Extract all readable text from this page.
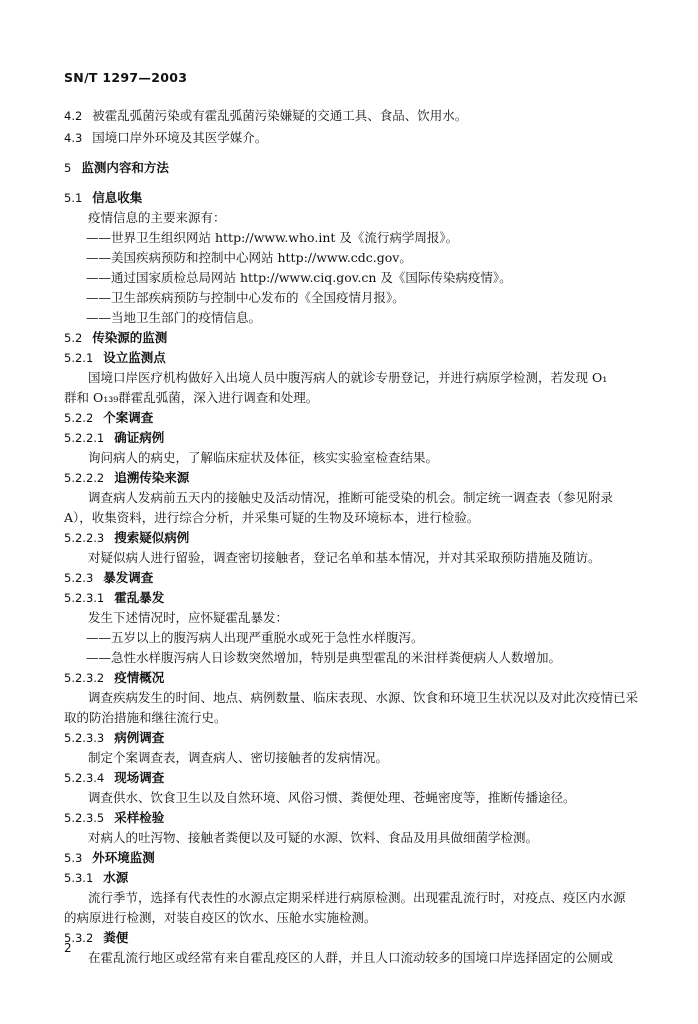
SN/T 1297—2003
4.2 被霍乱弧菌污染或有霍乱弧菌污染嫌疑的交通工具、食品、饮用水。
4.3 国境口岸外环境及其医学媒介。
5 监测内容和方法
5.1 信息收集
疫情信息的主要来源有：
——世界卫生组织网站 http://www.who.int 及《流行病学周报》。
——美国疾病预防和控制中心网站 http://www.cdc.gov。
——通过国家质检总局网站 http://www.ciq.gov.cn 及《国际传染病疫情》。
——卫生部疾病预防与控制中心发布的《全国疫情月报》。
——当地卫生部门的疫情信息。
5.2 传染源的监测
5.2.1 设立监测点
国境口岸医疗机构做好入出境人员中腹泻病人的就诊专册登记，并进行病原学检测，若发现 O₁
群和 O₁₃₉群霍乱弧菌，深入进行调查和处理。
5.2.2 个案调查
5.2.2.1 确证病例
询问病人的病史，了解临床症状及体征，核实实验室检查结果。
5.2.2.2 追溯传染来源
调查病人发病前五天内的接触史及活动情况，推断可能受染的机会。制定统一调查表（参见附录
A），收集资料，进行综合分析，并采集可疑的生物及环境标本，进行检验。
5.2.2.3 搜索疑似病例
对疑似病人进行留验，调查密切接触者，登记名单和基本情况，并对其采取预防措施及随访。
5.2.3 暴发调查
5.2.3.1 霍乱暴发
发生下述情况时，应怀疑霍乱暴发：
——五岁以上的腹泻病人出现严重脱水或死于急性水样腹泻。
——急性水样腹泻病人日诊数突然增加，特别是典型霍乱的米泔样粪便病人人数增加。
5.2.3.2 疫情概况
调查疾病发生的时间、地点、病例数量、临床表现、水源、饮食和环境卫生状况以及对此次疫情已采
取的防治措施和继往流行史。
5.2.3.3 病例调查
制定个案调查表，调查病人、密切接触者的发病情况。
5.2.3.4 现场调查
调查供水、饮食卫生以及自然环境、风俗习惯、粪便处理、苍蝇密度等，推断传播途径。
5.2.3.5 采样检验
对病人的吐泻物、接触者粪便以及可疑的水源、饮料、食品及用具做细菌学检测。
5.3 外环境监测
5.3.1 水源
流行季节，选择有代表性的水源点定期采样进行病原检测。出现霍乱流行时，对疫点、疫区内水源
的病原进行检测，对装自疫区的饮水、压舱水实施检测。
5.3.2 粪便
在霍乱流行地区或经常有来自霍乱疫区的人群，并且人口流动较多的国境口岸选择固定的公厕或
2
